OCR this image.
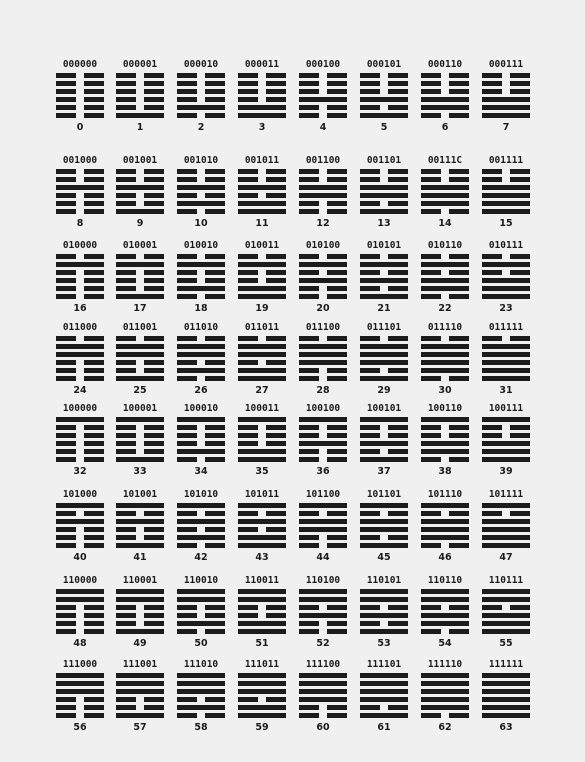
000000
0
000001
1
000010
2
000011
3
000100
4
000101
5
000110
6
000111
7
001000
8
001001
9
001010
10
001011
11
001100
12
001101
13
00111C
14
001111
15
010000
16
010001
17
010010
18
010011
19
010100
20
010101
21
010110
22
010111
23
011000
24
011001
25
011010
26
011011
27
011100
28
011101
29
011110
30
011111
31
100000
32
100001
33
100010
34
100011
35
100100
36
100101
37
100110
38
100111
39
101000
40
101001
41
101010
42
101011
43
101100
44
101101
45
101110
46
101111
47
110000
48
110001
49
110010
50
110011
51
110100
52
110101
53
110110
54
110111
55
111000
56
111001
57
111010
58
111011
59
111100
60
111101
61
111110
62
111111
63
